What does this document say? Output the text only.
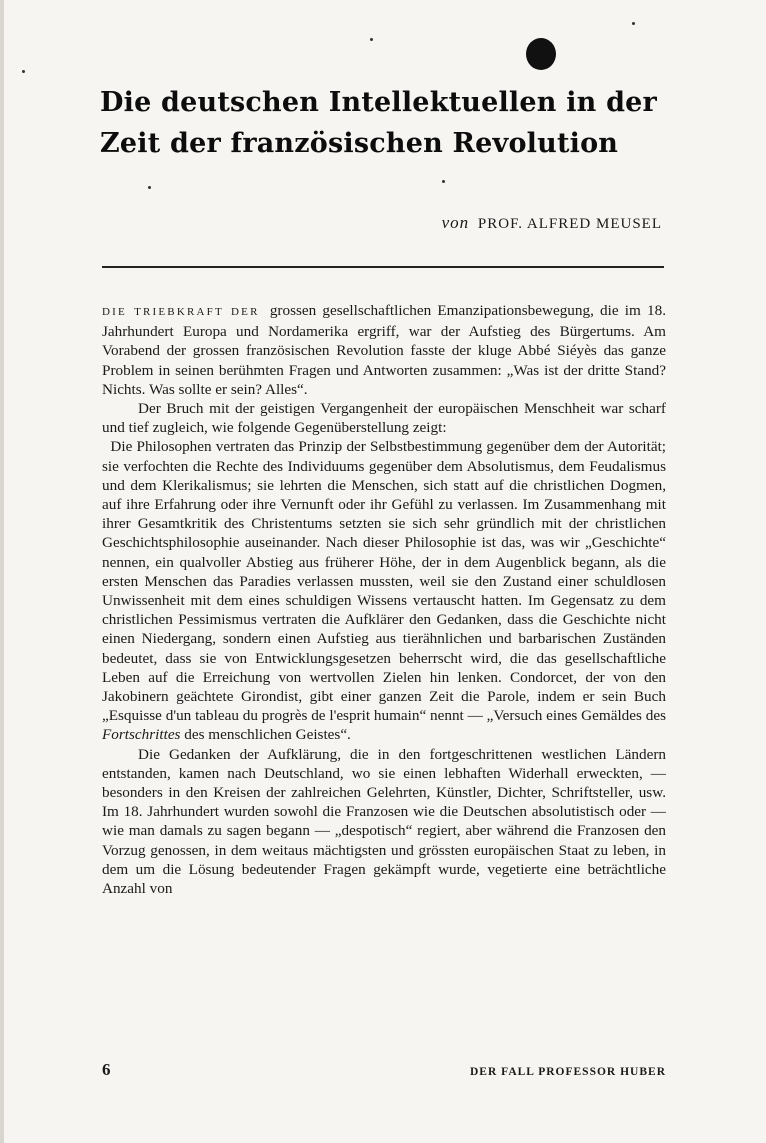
Die deutschen Intellektuellen in der
Zeit der französischen Revolution
von PROF. ALFRED MEUSEL

DIE TRIEBKRAFT DER grossen gesellschaftlichen Emanzipationsbewegung, die im 18. Jahrhundert Europa und Nordamerika ergriff, war der Aufstieg des Bürgertums. Am Vorabend der grossen französischen Revolution fasste der kluge Abbé Siéyès das ganze Problem in seinen berühmten Fragen und Antworten zusammen: „Was ist der dritte Stand? Nichts. Was sollte er sein? Alles“.

Der Bruch mit der geistigen Vergangenheit der europäischen Menschheit war scharf und tief zugleich, wie folgende Gegenüberstellung zeigt:

Die Philosophen vertraten das Prinzip der Selbstbestimmung gegenüber dem der Autorität; sie verfochten die Rechte des Individuums gegenüber dem Absolutismus, dem Feudalismus und dem Klerikalismus; sie lehrten die Menschen, sich statt auf die christlichen Dogmen, auf ihre Erfahrung oder ihre Vernunft oder ihr Gefühl zu verlassen. Im Zusammenhang mit ihrer Gesamtkritik des Christentums setzten sie sich sehr gründlich mit der christlichen Geschichtsphilosophie auseinander. Nach dieser Philosophie ist das, was wir „Geschichte“ nennen, ein qualvoller Abstieg aus früherer Höhe, der in dem Augenblick begann, als die ersten Menschen das Paradies verlassen mussten, weil sie den Zustand einer schuldlosen Unwissenheit mit dem eines schuldigen Wissens vertauscht hatten. Im Gegensatz zu dem christlichen Pessimismus vertraten die Aufklärer den Gedanken, dass die Geschichte nicht einen Niedergang, sondern einen Aufstieg aus tierähnlichen und barbarischen Zuständen bedeutet, dass sie von Entwicklungsgesetzen beherrscht wird, die das gesellschaftliche Leben auf die Erreichung von wertvollen Zielen hin lenken. Condorcet, der von den Jakobinern geächtete Girondist, gibt einer ganzen Zeit die Parole, indem er sein Buch „Esquisse d'un tableau du progrès de l'esprit humain“ nennt — „Versuch eines Gemäldes des Fortschrittes des menschlichen Geistes“.

Die Gedanken der Aufklärung, die in den fortgeschrittenen westlichen Ländern entstanden, kamen nach Deutschland, wo sie einen lebhaften Widerhall erweckten, — besonders in den Kreisen der zahlreichen Gelehrten, Künstler, Dichter, Schriftsteller, usw. Im 18. Jahrhundert wurden sowohl die Franzosen wie die Deutschen absolutistisch oder — wie man damals zu sagen begann — „despotisch“ regiert, aber während die Franzosen den Vorzug genossen, in dem weitaus mächtigsten und grössten europäischen Staat zu leben, in dem um die Lösung bedeutender Fragen gekämpft wurde, vegetierte eine beträchtliche Anzahl von

6	DER FALL PROFESSOR HUBER
